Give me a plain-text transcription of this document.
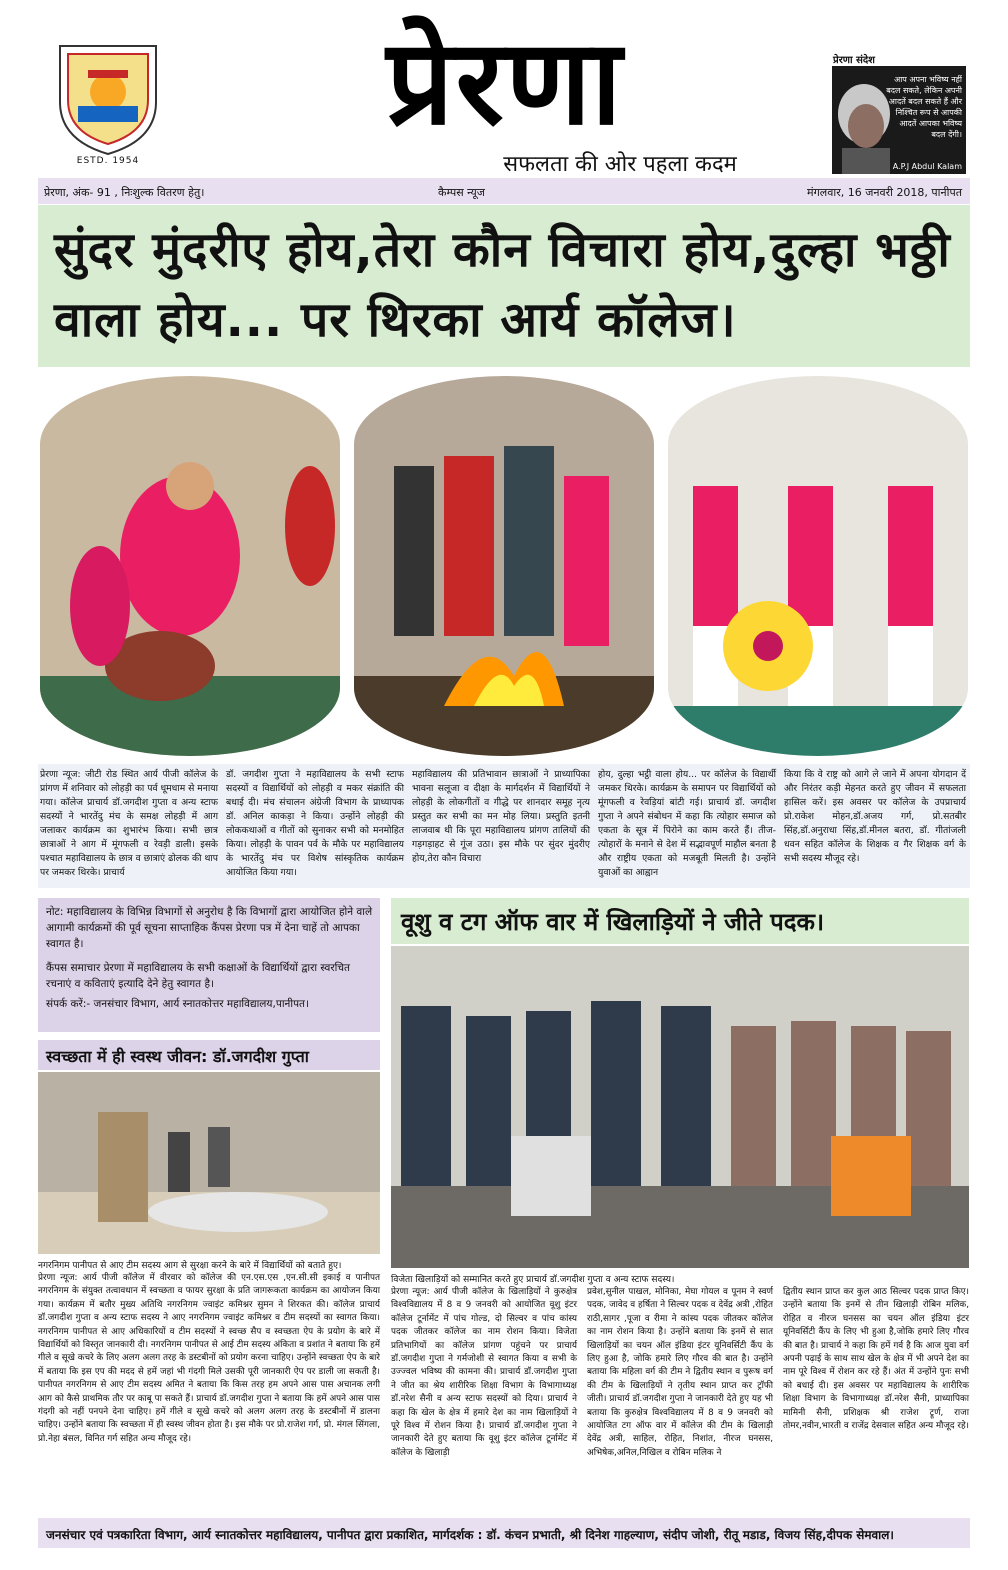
ESTD. 1954
प्रेरणा
सफलता की ओर पहला कदम
प्रेरणा संदेश
आप अपना भविष्य नहीं बदल सकते, लेकिन अपनी आदतें बदल सकते हैं और निश्चित रूप से आपकी आदतें आपका भविष्य बदल देंगी।
A.P.J Abdul Kalam
प्रेरणा, अंक- 91 , निःशुल्क वितरण हेतु।	कैम्पस न्यूज	मंगलवार, 16 जनवरी 2018, पानीपत
सुंदर मुंदरीए होय,तेरा कौन विचारा होय,दुल्हा भठ्ठी वाला होय... पर थिरका आर्य कॉलेज।
प्रेरणा न्यूज: जीटी रोड स्थित आर्य पीजी कॉलेज के प्रांगण में शनिवार को लोहड़ी का पर्व धूमधाम से मनाया गया। कॉलेज प्राचार्य डॉ.जगदीश गुप्ता व अन्य स्टाफ सदस्यों ने भारतेंदु मंच के समक्ष लोहड़ी में आग जलाकर कार्यक्रम का शुभारंभ किया। सभी छात्र छात्राओं ने आग में मूंगफली व रेवड़ी डाली। इसके पश्चात महाविद्यालय के छात्र व छात्राएं ढोलक की थाप पर जमकर थिरके। प्राचार्य
डॉ. जगदीश गुप्ता ने महाविद्यालय के सभी स्टाफ सदस्यों व विद्यार्थियों को लोहड़ी व मकर संक्रांति की बधाई दी। मंच संचालन अंग्रेजी विभाग के प्राध्यापक डॉ. अनिल काकड़ा ने किया। उन्होंने लोहड़ी की लोककथाओं व गीतों को सुनाकर सभी को मनमोहित किया। लोहड़ी के पावन पर्व के मौके पर महाविद्यालय के भारतेंदु मंच पर विशेष सांस्कृतिक कार्यक्रम आयोजित किया गया।
महाविद्यालय की प्रतिभावान छात्राओं ने प्राध्यापिका भावना सलूजा व दीक्षा के मार्गदर्शन में विद्यार्थियों ने लोहड़ी के लोकगीतों व गीद्धे पर शानदार समूह नृत्य प्रस्तुत कर सभी का मन मोह लिया। प्रस्तुति इतनी लाजवाब थी कि पूरा महाविद्यालय प्रांगण तालियों की गड़गड़ाहट से गूंज उठा। इस मौके पर सुंदर मुंदरीए होय,तेरा कौन विचारा
होय, दुल्हा भट्ठी वाला होय... पर कॉलेज के विद्यार्थी जमकर थिरके। कार्यक्रम के समापन पर विद्यार्थियों को मूंगफली व रेवड़ियां बांटी गई। प्राचार्य डॉ. जगदीश गुप्ता ने अपने संबोधन में कहा कि त्योहार समाज को एकता के सूत्र में पिरोने का काम करते हैं। तीज-त्योहारों के मनाने से देश में सद्भावपूर्ण माहौल बनता है और राष्ट्रीय एकता को मजबूती मिलती है। उन्होंने युवाओं का आह्वान
किया कि वे राष्ट्र को आगे ले जाने में अपना योगदान दें और निरंतर कड़ी मेहनत करते हुए जीवन में सफलता हासिल करें। इस अवसर पर कॉलेज के उपप्राचार्य प्रो.राकेश मोहन,डॉ.अजय गर्ग, प्रो.सतबीर सिंह,डॉ.अनुराधा सिंह,डॉ.मीनल बतरा, डॉ. गीतांजली धवन सहित कॉलेज के शिक्षक व गैर शिक्षक वर्ग के सभी सदस्य मौजूद रहे।

नोट: महाविद्यालय के विभिन्न विभागों से अनुरोध है कि विभागों द्वारा आयोजित होने वाले आगामी कार्यक्रमों की पूर्व सूचना साप्ताहिक कैंपस प्रेरणा पत्र में देना चाहें तो आपका स्वागत है।

कैंपस समाचार प्रेरणा में महाविद्यालय के सभी कक्षाओं के विद्यार्थियों द्वारा स्वरचित रचनाएं व कविताएं इत्यादि देने हेतु स्वागत है।

संपर्क करें:- जनसंचार विभाग, आर्य स्नातकोत्तर महाविद्यालय,पानीपत।

स्वच्छता में ही स्वस्थ जीवन: डॉ.जगदीश गुप्ता
नगरनिगम पानीपत से आए टीम सदस्य आग से सुरक्षा करने के बारे में विद्यार्थियों को बताते हुए।
प्रेरणा न्यूज: आर्य पीजी कॉलेज में वीरवार को कॉलेज की एन.एस.एस ,एन.सी.सी इकाई व पानीपत नगरनिगम के संयुक्त तत्वावधान में स्वच्छता व फायर सुरक्षा के प्रति जागरूकता कार्यक्रम का आयोजन किया गया। कार्यक्रम में बतौर मुख्य अतिथि नगरनिगम ज्वाइंट कमिश्नर सुमन ने शिरकत की। कॉलेज प्राचार्य डॉ.जगदीश गुप्ता व अन्य स्टाफ सदस्य ने आए नगरनिगम ज्वाइंट कमिश्नर व टीम सदस्यों का स्वागत किया। नगरनिगम पानीपत से आए अधिकारियों व टीम सदस्यों ने स्वच्छ सैप व स्वच्छता ऐप के प्रयोग के बारे में विद्यार्थियों को विस्तृत जानकारी दी। नगरनिगम पानीपत से आई टीम सदस्य अंकिता व प्रशांत ने बताया कि हमें गीले व सूखे कचरे के लिए अलग अलग तरह के डस्टबीनों को प्रयोग करना चाहिए। उन्होंने स्वच्छता ऐप के बारे में बताया कि इस एप की मदद से हमें जहां भी गंदगी मिले उसकी पूरी जानकारी ऐप पर डाली जा सकती है। पानीपत नगरनिगम से आए टीम सदस्य अमित ने बताया कि किस तरह हम अपने आस पास अचानक लगी आग को कैसे प्राथमिक तौर पर काबू पा सकते हैं। प्राचार्य डॉ.जगदीश गुप्ता ने बताया कि हमें अपने आस पास गंदगी को नहीं पनपने देना चाहिए। हमें गीले व सूखे कचरे को अलग अलग तरह के डस्टबीनों में डालना चाहिए। उन्होंने बताया कि स्वच्छता में ही स्वस्थ जीवन होता है। इस मौके पर प्रो.राजेश गर्ग, प्रो. मंगल सिंगला, प्रो.नेहा बंसल, विनित गर्ग सहित अन्य मौजूद रहे।
वूशु व टग ऑफ वार में खिलाड़ियों ने जीते पदक।
विजेता खिलाड़ियों को सम्मानित करते हुए प्राचार्य डॉ.जगदीश गुप्ता व अन्य स्टाफ सदस्य।
प्रेरणा न्यूज: आर्य पीजी कॉलेज के खिलाड़ियों ने कुरुक्षेत्र विश्वविद्यालय में 8 व 9 जनवरी को आयोजित वूशु इंटर कॉलेज टूर्नामेंट में पांच गोल्ड, दो सिल्वर व पांच कांस्य पदक जीतकर कॉलेज का नाम रोशन किया। विजेता प्रतिभागियों का कॉलेज प्रांगण पहुंचने पर प्राचार्य डॉ.जगदीश गुप्ता ने गर्मजोशी से स्वागत किया व सभी के उज्ज्वल भविष्य की कामना की। प्राचार्य डॉ.जगदीश गुप्ता ने जीत का श्रेय शारीरिक शिक्षा विभाग के विभागाध्यक्ष डॉ.नरेश सैनी व अन्य स्टाफ सदस्यों को दिया। प्राचार्य ने कहा कि खेल के क्षेत्र में हमारे देश का नाम खिलाड़ियों ने पूरे विश्व में रोशन किया है। प्राचार्य डॉ.जगदीश गुप्ता ने जानकारी देते हुए बताया कि वूशु इंटर कॉलेज टूर्नामेंट में कॉलेज के खिलाड़ी
प्रवेश,सुनील पाखल, मोनिका, मेघा गोयल व पूनम ने स्वर्ण पदक, जावेद व हर्षिता ने सिल्वर पदक व देवेंद्र अत्री ,रोहित राठी,सागर ,पूजा व रीमा ने कांस्य पदक जीतकर कॉलेज का नाम रोशन किया है। उन्होंने बताया कि इनमें से सात खिलाड़ियों का चयन ऑल इंडिया इंटर यूनिवर्सिटी कैंप के लिए हुआ है, जोकि हमारे लिए गौरव की बात है। उन्होंने बताया कि महिला वर्ग की टीम ने द्वितीय स्थान व पुरूष वर्ग की टीम के खिलाड़ियों ने तृतीय स्थान प्राप्त कर ट्रॉफी जीती। प्राचार्य डॉ.जगदीश गुप्ता ने जानकारी देते हुए यह भी बताया कि कुरुक्षेत्र विश्वविद्यालय में 8 व 9 जनवरी को आयोजित टग ऑफ वार में कॉलेज की टीम के खिलाड़ी देवेंद्र अत्री, साहिल, रोहित, निशांत, नीरज घनसस, अभिषेक,अनिल,निखिल व रोबिन मलिक ने
द्वितीय स्थान प्राप्त कर कुल आठ सिल्वर पदक प्राप्त किए। उन्होंने बताया कि इनमें से तीन खिलाड़ी रोबिन मलिक, रोहित व नीरज घनसस का चयन ऑल इंडिया इंटर यूनिवर्सिटी कैंप के लिए भी हुआ है,जोकि हमारे लिए गौरव की बात है। प्राचार्य ने कहा कि हमें गर्व है कि आज युवा वर्ग अपनी पढ़ाई के साथ साथ खेल के क्षेत्र में भी अपने देश का नाम पूरे विश्व में रोशन कर रहे हैं। अंत में उन्होंने पुनः सभी को बधाई दी। इस अवसर पर महाविद्यालय के शारीरिक शिक्षा विभाग के विभागाध्यक्ष डॉ.नरेश सैनी, प्राध्यापिका मामिनी सैनी, प्रशिक्षक श्री राजेश ट्रूर्ण, राजा तोमर,नवीन,भारती व राजेंद्र देसवाल सहित अन्य मौजूद रहे।
जनसंचार एवं पत्रकारिता विभाग, आर्य स्नातकोत्तर महाविद्यालय, पानीपत द्वारा प्रकाशित, मार्गदर्शक : डॉ. कंचन प्रभाती, श्री दिनेश गाहल्याण, संदीप जोशी, रीतू मडाड, विजय सिंह,दीपक सेमवाल।
